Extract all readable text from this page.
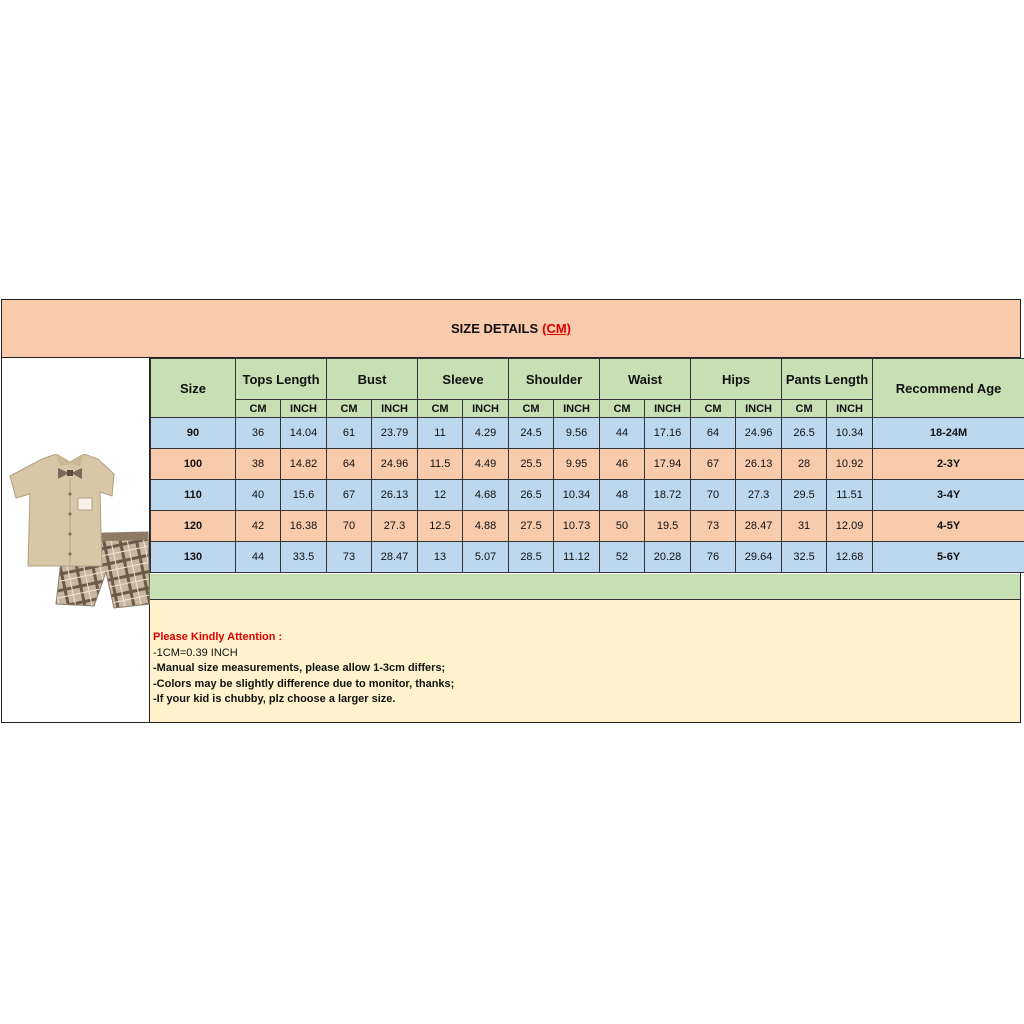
SIZE DETAILS (CM)
Size	Tops Length		Bust		Sleeve		Shoulder		Waist		Hips		Pants Length		Recommend Age
	CM	INCH	CM	INCH	CM	INCH	CM	INCH	CM	INCH	CM	INCH	CM	INCH	
90	36	14.04	61	23.79	11	4.29	24.5	9.56	44	17.16	64	24.96	26.5	10.34	18-24M
100	38	14.82	64	24.96	11.5	4.49	25.5	9.95	46	17.94	67	26.13	28	10.92	2-3Y
110	40	15.6	67	26.13	12	4.68	26.5	10.34	48	18.72	70	27.3	29.5	11.51	3-4Y
120	42	16.38	70	27.3	12.5	4.88	27.5	10.73	50	19.5	73	28.47	31	12.09	4-5Y
130	44	33.5	73	28.47	13	5.07	28.5	11.12	52	20.28	76	29.64	32.5	12.68	5-6Y
Please Kindly Attention :
-1CM=0.39 INCH
-Manual size measurements, please allow 1-3cm differs;
-Colors may be slightly difference due to monitor, thanks;
-If your kid is chubby, plz choose a larger size.
